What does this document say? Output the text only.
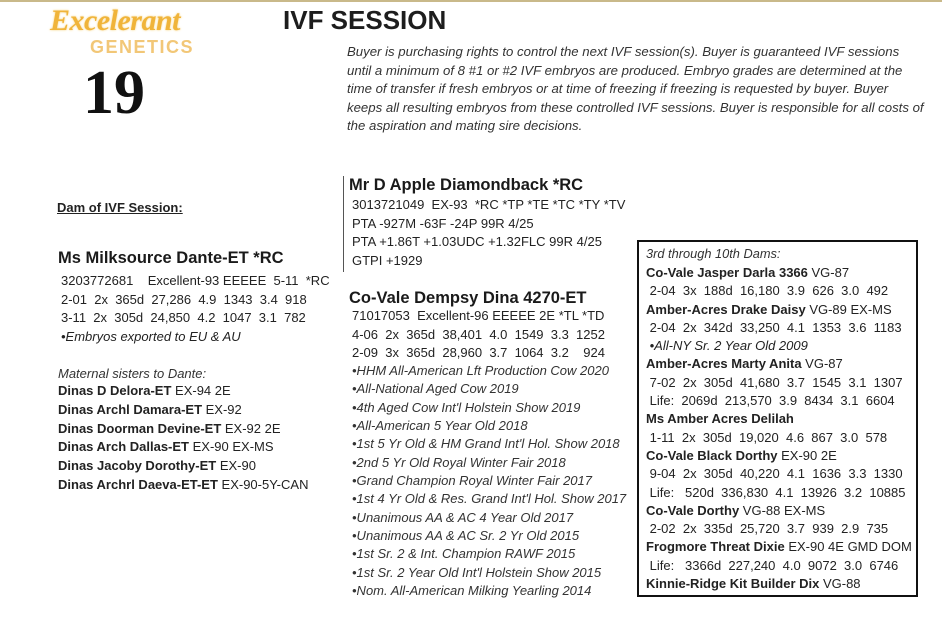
Excelerant
GENETICS
19
IVF SESSION
Buyer is purchasing rights to control the next IVF session(s). Buyer is guaranteed IVF sessions until a minimum of 8 #1 or #2 IVF embryos are produced. Embryo grades are determined at the time of transfer if fresh embryos or at time of freezing if freezing is requested by buyer. Buyer keeps all resulting embryos from these controlled IVF sessions. Buyer is responsible for all costs of the aspiration and mating sire decisions.
Dam of IVF Session:
Ms Milksource Dante-ET *RC
3203772681    Excellent-93 EEEEE  5-11  *RC
2-01  2x  365d  27,286  4.9  1343  3.4  918
3-11  2x  305d  24,850  4.2  1047  3.1  782
•Embryos exported to EU & AU
Maternal sisters to Dante:
Dinas D Delora-ET EX-94 2E
Dinas Archl Damara-ET EX-92
Dinas Doorman Devine-ET EX-92 2E
Dinas Arch Dallas-ET EX-90 EX-MS
Dinas Jacoby Dorothy-ET EX-90
Dinas Archrl Daeva-ET-ET EX-90-5Y-CAN
Mr D Apple Diamondback *RC
3013721049  EX-93  *RC *TP *TE *TC *TY *TV
PTA -927M -63F -24P 99R 4/25
PTA +1.86T +1.03UDC +1.32FLC 99R 4/25
GTPI +1929
Co-Vale Dempsy Dina 4270-ET
71017053  Excellent-96 EEEEE 2E *TL *TD
4-06  2x  365d  38,401  4.0  1549  3.3  1252
2-09  3x  365d  28,960  3.7  1064  3.2    924
•HHM All-American Lft Production Cow 2020
•All-National Aged Cow 2019
•4th Aged Cow Int'l Holstein Show 2019
•All-American 5 Year Old 2018
•1st 5 Yr Old & HM Grand Int'l Hol. Show 2018
•2nd 5 Yr Old Royal Winter Fair 2018
•Grand Champion Royal Winter Fair 2017
•1st 4 Yr Old & Res. Grand Int'l Hol. Show 2017
•Unanimous AA & AC 4 Year Old 2017
•Unanimous AA & AC Sr. 2 Yr Old 2015
•1st Sr. 2 & Int. Champion RAWF 2015
•1st Sr. 2 Year Old Int'l Holstein Show 2015
•Nom. All-American Milking Yearling 2014
3rd through 10th Dams:
Co-Vale Jasper Darla 3366 VG-87
2-04  3x  188d  16,180  3.9  626  3.0  492
Amber-Acres Drake Daisy VG-89 EX-MS
2-04  2x  342d  33,250  4.1  1353  3.6  1183
•All-NY Sr. 2 Year Old 2009
Amber-Acres Marty Anita VG-87
7-02  2x  305d  41,680  3.7  1545  3.1  1307
Life:  2069d  213,570  3.9  8434  3.1  6604
Ms Amber Acres Delilah
1-11  2x  305d  19,020  4.6  867  3.0  578
Co-Vale Black Dorthy EX-90 2E
9-04  2x  305d  40,220  4.1  1636  3.3  1330
Life:   520d  336,830  4.1  13926  3.2  10885
Co-Vale Dorthy VG-88 EX-MS
2-02  2x  335d  25,720  3.7  939  2.9  735
Frogmore Threat Dixie EX-90 4E GMD DOM
Life:   3366d  227,240  4.0  9072  3.0  6746
Kinnie-Ridge Kit Builder Dix VG-88
